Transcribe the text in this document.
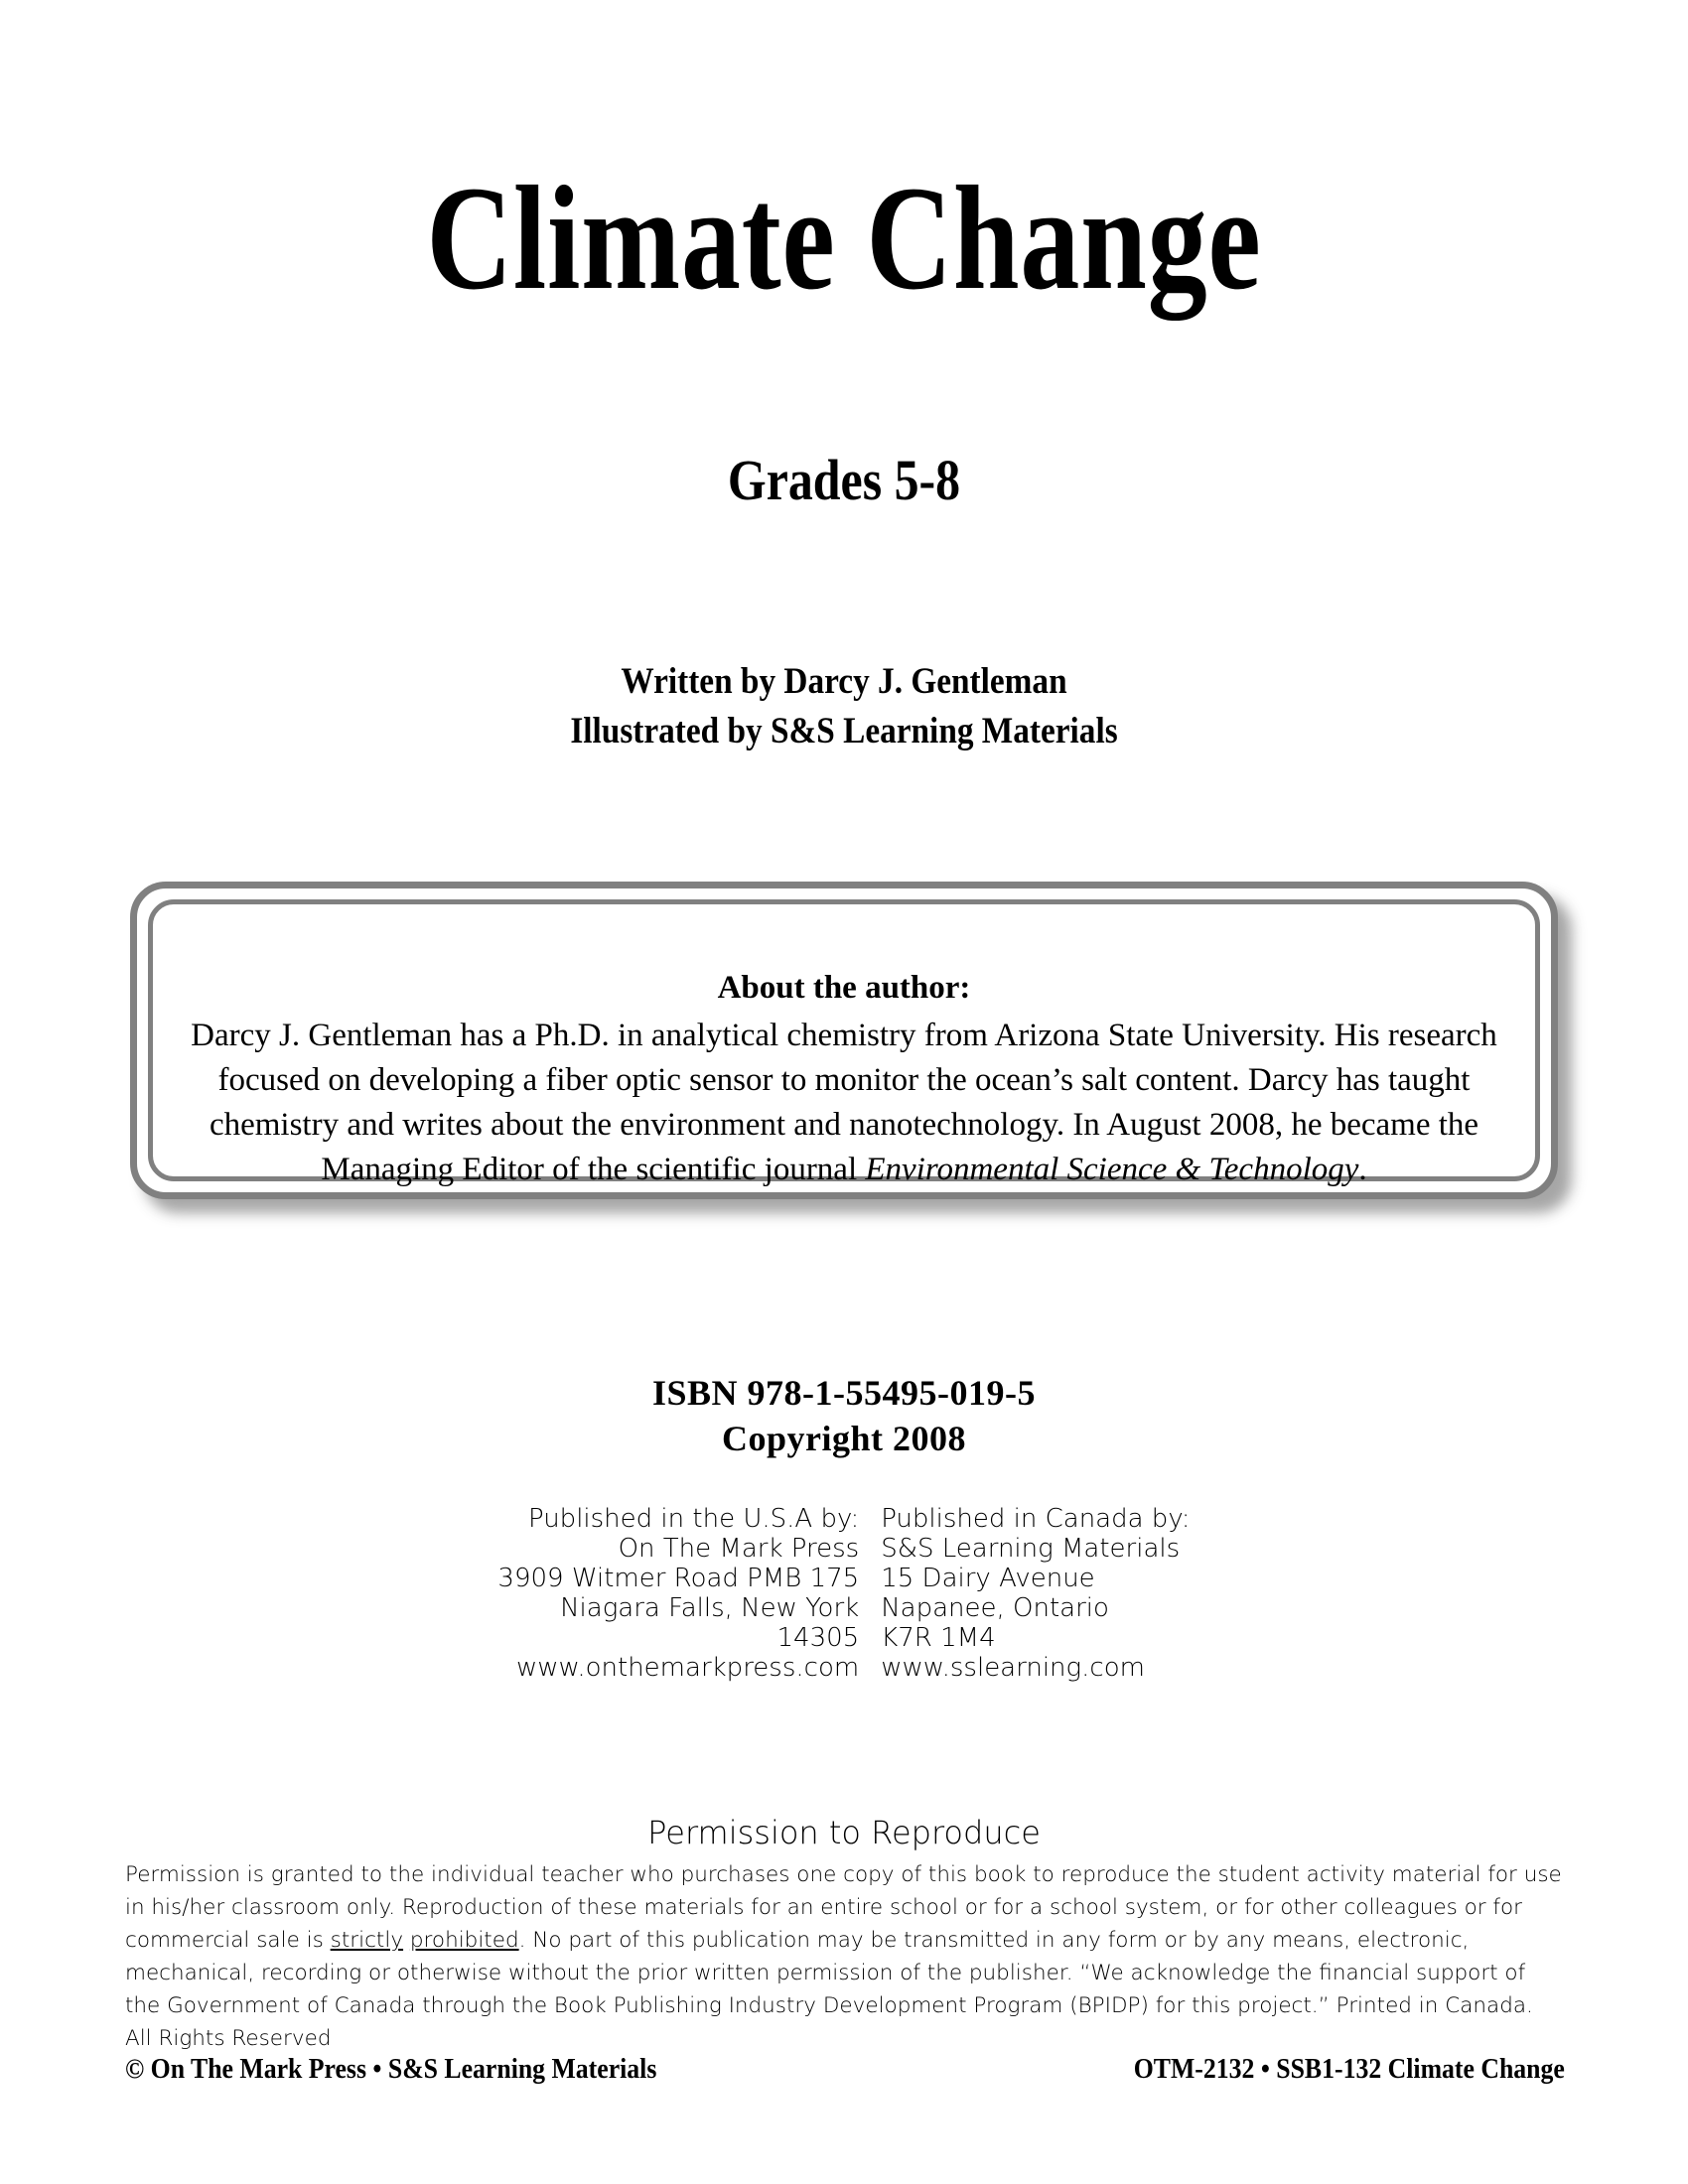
Climate Change
Grades 5-8
Written by Darcy J. Gentleman
Illustrated by S&S Learning Materials
About the author:
Darcy J. Gentleman has a Ph.D. in analytical chemistry from Arizona State University. His research
focused on developing a fiber optic sensor to monitor the ocean’s salt content. Darcy has taught
chemistry and writes about the environment and nanotechnology. In August 2008, he became the
Managing Editor of the scientific journal Environmental Science & Technology.
ISBN 978-1-55495-019-5
Copyright 2008
Published in the U.S.A by:
On The Mark Press
3909 Witmer Road PMB 175
Niagara Falls, New York
14305
www.onthemarkpress.com
Published in Canada by:
S&S Learning Materials
15 Dairy Avenue
Napanee, Ontario
K7R 1M4
www.sslearning.com
Permission to Reproduce
Permission is granted to the individual teacher who purchases one copy of this book to reproduce the student activity material for use in his/her classroom only. Reproduction of these materials for an entire school or for a school system, or for other colleagues or for commercial sale is strictly prohibited. No part of this publication may be transmitted in any form or by any means, electronic, mechanical, recording or otherwise without the prior written permission of the publisher. “We acknowledge the financial support of the Government of Canada through the Book Publishing Industry Development Program (BPIDP) for this project.” Printed in Canada. All Rights Reserved
© On The Mark Press • S&S Learning Materials	OTM-2132 • SSB1-132 Climate Change
